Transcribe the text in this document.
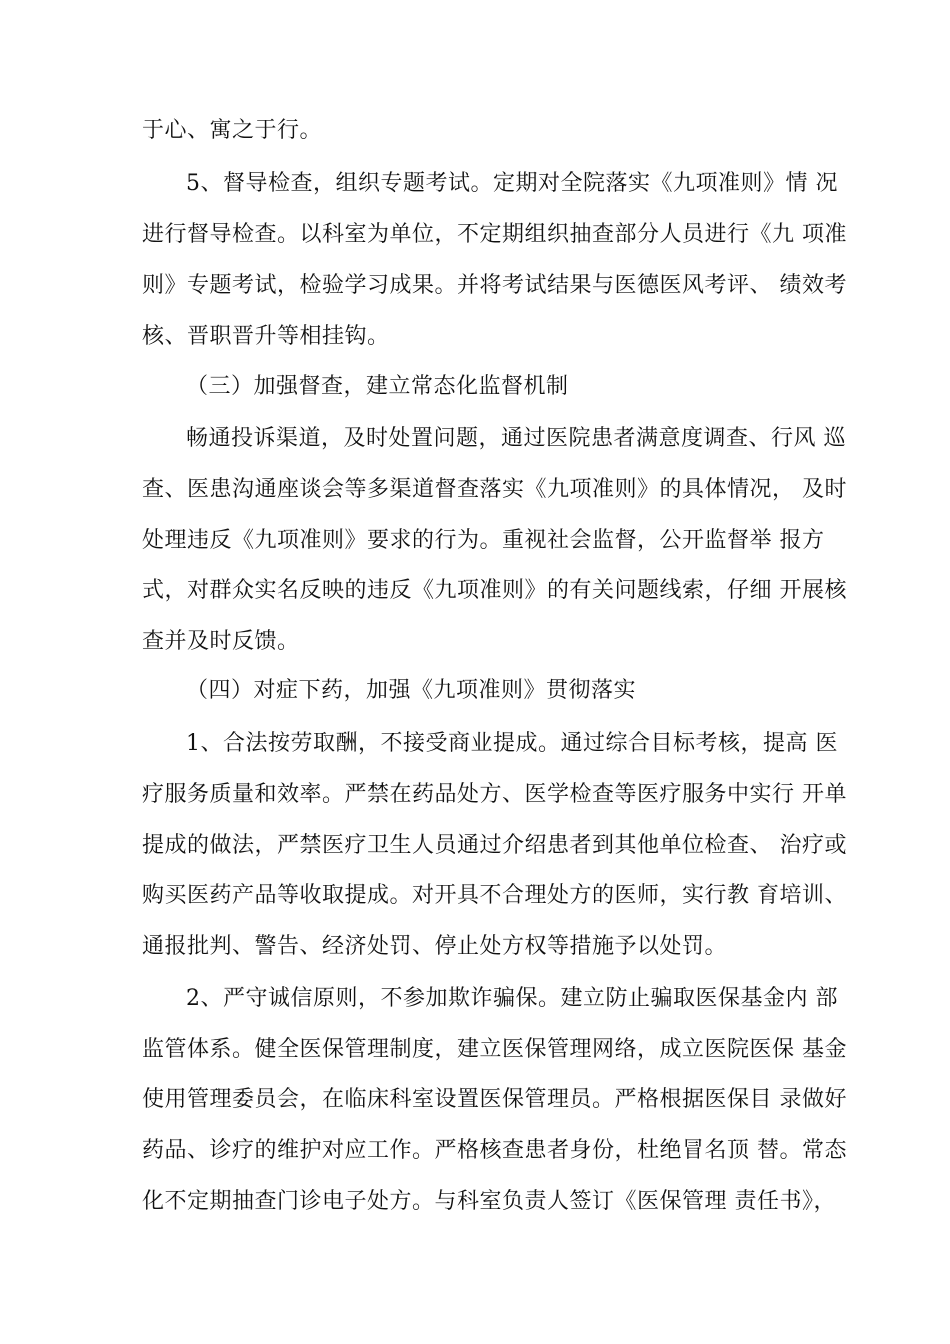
于心、寓之于行。
5、督导检查，组织专题考试。定期对全院落实《九项准则》情 况
进行督导检查。以科室为单位，不定期组织抽查部分人员进行《九 项准
则》专题考试，检验学习成果。并将考试结果与医德医风考评、 绩效考
核、晋职晋升等相挂钩。
（三）加强督查，建立常态化监督机制
畅通投诉渠道，及时处置问题，通过医院患者满意度调查、行风 巡
查、医患沟通座谈会等多渠道督查落实《九项准则》的具体情况， 及时
处理违反《九项准则》要求的行为。重视社会监督，公开监督举 报方
式，对群众实名反映的违反《九项准则》的有关问题线索，仔细 开展核
查并及时反馈。
（四）对症下药，加强《九项准则》贯彻落实
1、合法按劳取酬，不接受商业提成。通过综合目标考核，提高 医
疗服务质量和效率。严禁在药品处方、医学检查等医疗服务中实行 开单
提成的做法，严禁医疗卫生人员通过介绍患者到其他单位检查、 治疗或
购买医药产品等收取提成。对开具不合理处方的医师，实行教 育培训、
通报批判、警告、经济处罚、停止处方权等措施予以处罚。
2、严守诚信原则，不参加欺诈骗保。建立防止骗取医保基金内 部
监管体系。健全医保管理制度，建立医保管理网络，成立医院医保 基金
使用管理委员会，在临床科室设置医保管理员。严格根据医保目 录做好
药品、诊疗的维护对应工作。严格核查患者身份，杜绝冒名顶 替。常态
化不定期抽查门诊电子处方。与科室负责人签订《医保管理 责任书》，
